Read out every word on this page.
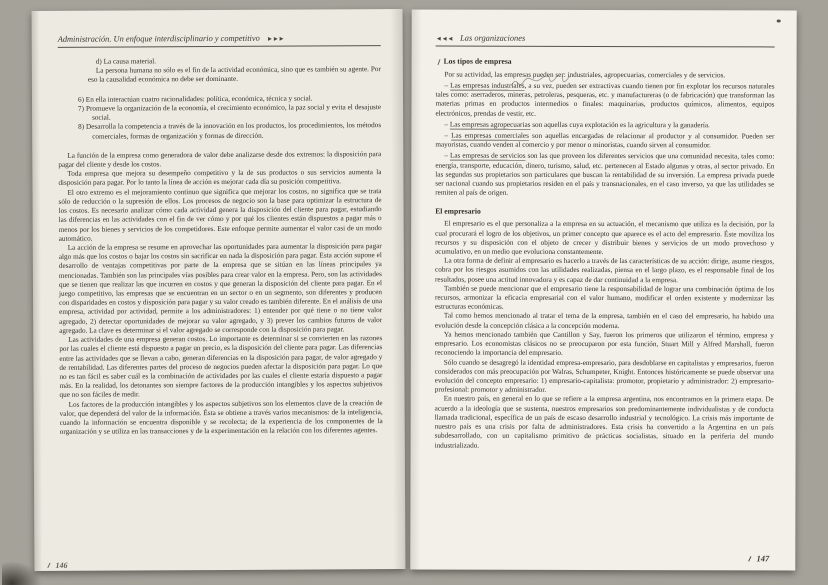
Administración. Un enfoque interdisciplinario y competitivo ►►►

d) La causa material.

La persona humana no sólo es el fin de la actividad económica, sino que es también su agente. Por eso la causalidad económica no debe ser dominante.

6) En ella interactúan cuatro racionalidades: política, económica, técnica y social.

7) Promueve la organización de la economía, el crecimiento económico, la paz social y evita el desajuste social.

8) Desarrolla la competencia a través de la innovación en los productos, los procedimientos, los métodos comerciales, formas de organización y formas de dirección.

La función de la empresa como generadora de valor debe analizarse desde dos extremos: la disposición para pagar del cliente y desde los costos.

Toda empresa que mejora su desempeño competitivo y la de sus productos o sus servicios aumenta la disposición para pagar. Por lo tanto la línea de acción es mejorar cada día su posición competitiva.

El otro extremo es el mejoramiento continuo que significa que mejorar los costos, no significa que se trata sólo de reducción o la supresión de ellos. Los procesos de negocio son la base para optimizar la estructura de los costos. Es necesario analizar cómo cada actividad genera la disposición del cliente para pagar, estudiando las diferencias en las actividades con el fin de ver cómo y por qué los clientes están dispuestos a pagar más o menos por los bienes y servicios de los competidores. Este enfoque permite aumentar el valor casi de un modo automático.

La acción de la empresa se resume en aprovechar las oportunidades para aumentar la disposición para pagar algo más que los costos o bajar los costos sin sacrificar en nada la disposición para pagar. Esta acción supone el desarrollo de ventajas competitivas por parte de la empresa que se sitúan en las líneas principales ya mencionadas. También son las principales vías posibles para crear valor en la empresa. Pero, son las actividades que se tienen que realizar las que incurren en costos y que generan la disposición del cliente para pagar. En el juego competitivo, las empresas que se encuentran en un sector o en un segmento, son diferentes y producen con disparidades en costos y disposición para pagar y su valor creado es también diferente. En el análisis de una empresa, actividad por actividad, permite a los administradores: 1) entender por qué tiene o no tiene valor agregado, 2) detectar oportunidades de mejorar su valor agregado, y 3) prever los cambios futuros de valor agregado. La clave es determinar si el valor agregado se corresponde con la disposición para pagar.

Las actividades de una empresa generan costos. Lo importante es determinar si se convierten en las razones por las cuales el cliente está dispuesto a pagar un precio, es la disposición del cliente para pagar. Las diferencias entre las actividades que se llevan a cabo, generan diferencias en la disposición para pagar, de valor agregado y de rentabilidad. Las diferentes partes del proceso de negocios pueden afectar la disposición para pagar. Lo que no es tan fácil es saber cuál es la combinación de actividades por las cuales el cliente estaría dispuesto a pagar más. En la realidad, los detonantes son siempre factores de la producción intangibles y los aspectos subjetivos que no son fáciles de medir.

Los factores de la producción intangibles y los aspectos subjetivos son los elementos clave de la creación de valor, que dependerá del valor de la información. Ésta se obtiene a través varios mecanismos: de la inteligencia, cuando la información se encuentra disponible y se recolecta; de la experiencia de los componentes de la organización y se utiliza en las transacciones y de la experimentación en la relación con los diferentes agentes.

146
◄◄◄ Las organizaciones
Los tipos de empresa

Por su actividad, las empresas pueden ser: industriales, agropecuarias, comerciales y de servicios.

– Las empresas industriales, a su vez, pueden ser extractivas cuando tienen por fin explotar los recursos naturales tales como: aserraderos, mineras, petroleras, pesqueras, etc. y manufactureras (o de fabricación) que transforman las materias primas en productos intermedios o finales: maquinarias, productos químicos, alimentos, equipos electrónicos, prendas de vestir, etc.

– Las empresas agropecuarias son aquellas cuya explotación es la agricultura y la ganadería.

– Las empresas comerciales son aquellas encargadas de relacionar al productor y al consumidor. Pueden ser mayoristas, cuando venden al comercio y por menor o minoristas, cuando sirven al consumidor.

– Las empresas de servicios son las que proveen los diferentes servicios que una comunidad necesita, tales como: energía, transporte, educación, dinero, turismo, salud, etc. pertenecen al Estado algunas y otras, al sector privado. En las segundas sus propietarios son particulares que buscan la rentabilidad de su inversión. La empresa privada puede ser nacional cuando sus propietarios residen en el país y transnacionales, en el caso inverso, ya que las utilidades se remiten al país de origen.

El empresario

El empresario es el que personaliza a la empresa en su actuación, el mecanismo que utiliza es la decisión, por la cual procurará el logro de los objetivos, un primer concepto que aparece es el acto del empresario. Éste moviliza los recursos y su disposición con el objeto de crecer y distribuir bienes y servicios de un modo provechoso y acumulativo, en un medio que evoluciona constantemente.

La otra forma de definir al empresario es hacerlo a través de las características de su acción: dirige, asume riesgos, cobra por los riesgos asumidos con las utilidades realizadas, piensa en el largo plazo, es el responsable final de los resultados, posee una actitud innovadora y es capaz de dar continuidad a la empresa.

También se puede mencionar que el empresario tiene la responsabilidad de lograr una combinación óptima de los recursos, armonizar la eficacia empresarial con el valor humano, modificar el orden existente y modernizar las estructuras económicas.

Tal como hemos mencionado al tratar el tema de la empresa, también en el caso del empresario, ha habido una evolución desde la concepción clásica a la concepción moderna.

Ya hemos mencionado también que Cantillon y Say, fueron los primeros que utilizaron el término, empresa y empresario. Los economistas clásicos no se preocuparon por esta función, Stuart Mill y Alfred Marshall, fueron reconociendo la importancia del empresario.

Sólo cuando se desagregó la identidad empresa-empresario, para desdoblarse en capitalistas y empresarios, fueron considerados con más preocupación por Walras, Schumpeter, Knight. Entonces históricamente se puede observar una evolución del concepto empresario: 1) empresario-capitalista: promotor, propietario y administrador: 2) empresario-profesional: promotor y administrador.

En nuestro país, en general en lo que se refiere a la empresa argentina, nos encontramos en la primera etapa. De acuerdo a la ideología que se sustenta, nuestros empresarios son predominantemente individualistas y de conducta llamada tradicional, específica de un país de escaso desarrollo industrial y tecnológico. La crisis más importante de nuestro país es una crisis por falta de administradores. Esta crisis ha convertido a la Argentina en un país subdesarrollado, con un capitalismo primitivo de prácticas socialistas, situado en la periferia del mundo industrializado.

147
